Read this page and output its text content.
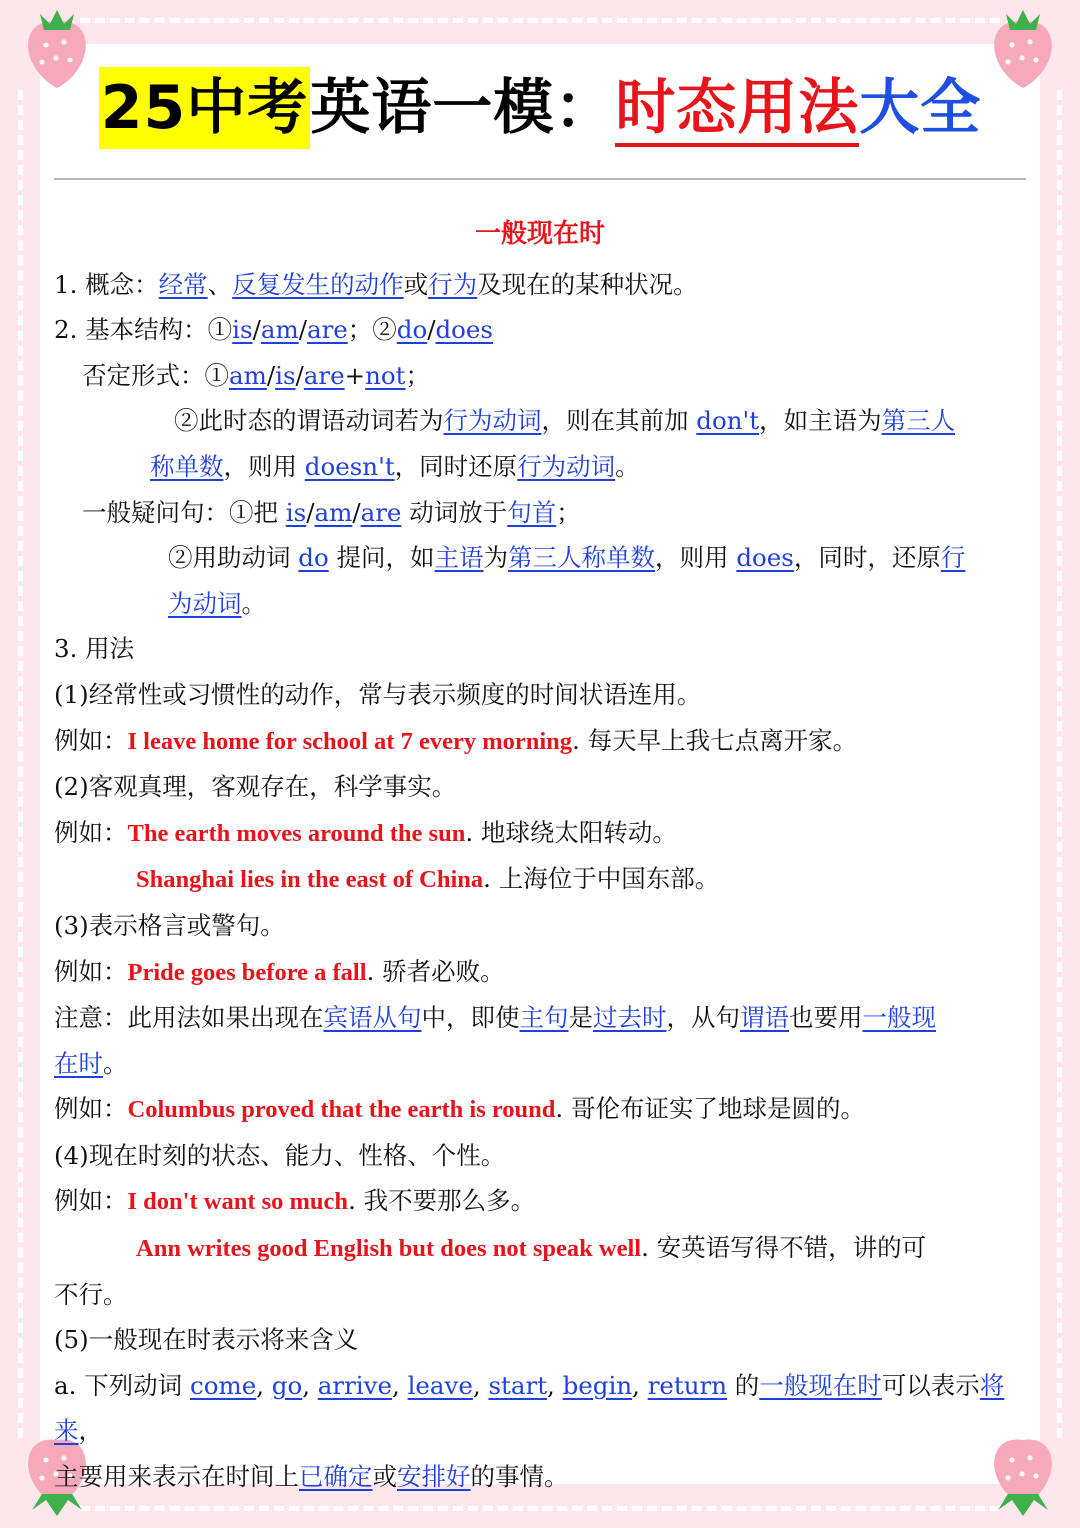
25中考英语一模：时态用法大全

一般现在时

1. 概念：经常、反复发生的动作或行为及现在的某种状况。

2. 基本结构：①is/am/are；②do/does

否定形式：①am/is/are+not；

②此时态的谓语动词若为行为动词，则在其前加 don't，如主语为第三人

称单数，则用 doesn't，同时还原行为动词。

一般疑问句：①把 is/am/are 动词放于句首；

②用助动词 do 提问，如主语为第三人称单数，则用 does，同时，还原行

为动词。

3. 用法

(1)经常性或习惯性的动作，常与表示频度的时间状语连用。

例如：I leave home for school at 7 every morning. 每天早上我七点离开家。

(2)客观真理，客观存在，科学事实。

例如：The earth moves around the sun. 地球绕太阳转动。

Shanghai lies in the east of China. 上海位于中国东部。

(3)表示格言或警句。

例如：Pride goes before a fall. 骄者必败。

注意：此用法如果出现在宾语从句中，即使主句是过去时，从句谓语也要用一般现

在时。

例如：Columbus proved that the earth is round. 哥伦布证实了地球是圆的。

(4)现在时刻的状态、能力、性格、个性。

例如：I don't want so much. 我不要那么多。

Ann writes good English but does not speak well. 安英语写得不错，讲的可

不行。

(5)一般现在时表示将来含义

a. 下列动词 come, go, arrive, leave, start, begin, return 的一般现在时可以表示将来，

主要用来表示在时间上已确定或安排好的事情。
